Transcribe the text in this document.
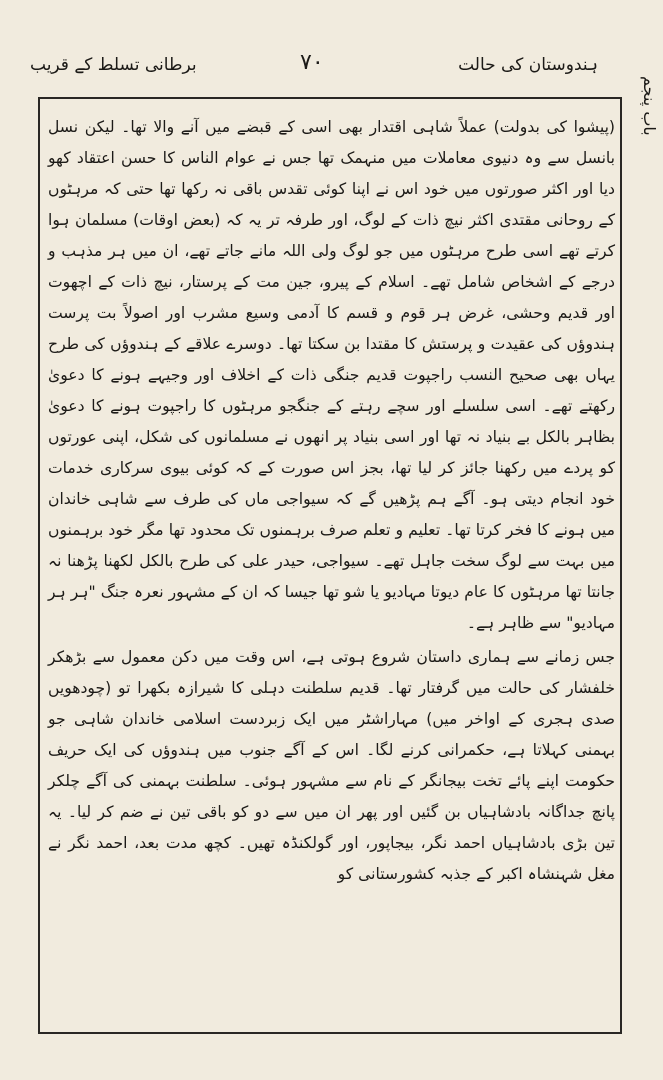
ہندوستان کی حالت
۷۰
برطانی تسلط کے قریب
باب پنجم

(پیشوا کی بدولت) عملاً شاہی اقتدار بھی اسی کے قبضے میں آنے والا تھا۔ لیکن نسل بانسل سے وہ دنیوی معاملات میں منہمک تھا جس نے عوام الناس کا حسن اعتقاد کھو دیا اور اکثر صورتوں میں خود اس نے اپنا کوئی تقدس باقی نہ رکھا تھا حتی کہ مرہٹوں کے روحانی مقتدی اکثر نیچ ذات کے لوگ، اور طرفہ تر یہ کہ (بعض اوقات) مسلمان ہوا کرتے تھے اسی طرح مرہٹوں میں جو لوگ ولی اللہ مانے جاتے تھے، ان میں ہر مذہب و درجے کے اشخاص شامل تھے۔ اسلام کے پیرو، جین مت کے پرستار، نیچ ذات کے اچھوت اور قدیم وحشی، غرض ہر قوم و قسم کا آدمی وسیع مشرب اور اصولاً بت پرست ہندوؤں کی عقیدت و پرستش کا مقتدا بن سکتا تھا۔ دوسرے علاقے کے ہندوؤں کی طرح یہاں بھی صحیح النسب راجپوت قدیم جنگی ذات کے اخلاف اور وجیہے ہونے کا دعویٰ رکھتے تھے۔ اسی سلسلے اور سچے رہتے کے جنگجو مرہٹوں کا راجپوت ہونے کا دعویٰ بظاہر بالکل بے بنیاد نہ تھا اور اسی بنیاد پر انھوں نے مسلمانوں کی شکل، اپنی عورتوں کو پردے میں رکھنا جائز کر لیا تھا، بجز اس صورت کے کہ کوئی بیوی سرکاری خدمات خود انجام دیتی ہو۔ آگے ہم پڑھیں گے کہ سیواجی ماں کی طرف سے شاہی خاندان میں ہونے کا فخر کرتا تھا۔ تعلیم و تعلم صرف برہمنوں تک محدود تھا مگر خود برہمنوں میں بہت سے لوگ سخت جاہل تھے۔ سیواجی، حیدر علی کی طرح بالکل لکھنا پڑھنا نہ جانتا تھا مرہٹوں کا عام دیوتا مہادیو یا شو تھا جیسا کہ ان کے مشہور نعرہ جنگ "ہر ہر مہادیو" سے ظاہر ہے۔

جس زمانے سے ہماری داستان شروع ہوتی ہے، اس وقت میں دکن معمول سے بڑھکر خلفشار کی حالت میں گرفتار تھا۔ قدیم سلطنت دہلی کا شیرازہ بکھرا تو (چودھویں صدی ہجری کے اواخر میں) مہاراشٹر میں ایک زبردست اسلامی خاندان شاہی جو بہمنی کہلاتا ہے، حکمرانی کرنے لگا۔ اس کے آگے جنوب میں ہندوؤں کی ایک حریف حکومت اپنے پائے تخت بیجانگر کے نام سے مشہور ہوئی۔ سلطنت بہمنی کی آگے چلکر پانچ جداگانہ بادشاہیاں بن گئیں اور پھر ان میں سے دو کو باقی تین نے ضم کر لیا۔ یہ تین بڑی بادشاہیاں احمد نگر، بیجاپور، اور گولکنڈہ تھیں۔ کچھ مدت بعد، احمد نگر نے مغل شہنشاہ اکبر کے جذبہ کشورستانی کو
